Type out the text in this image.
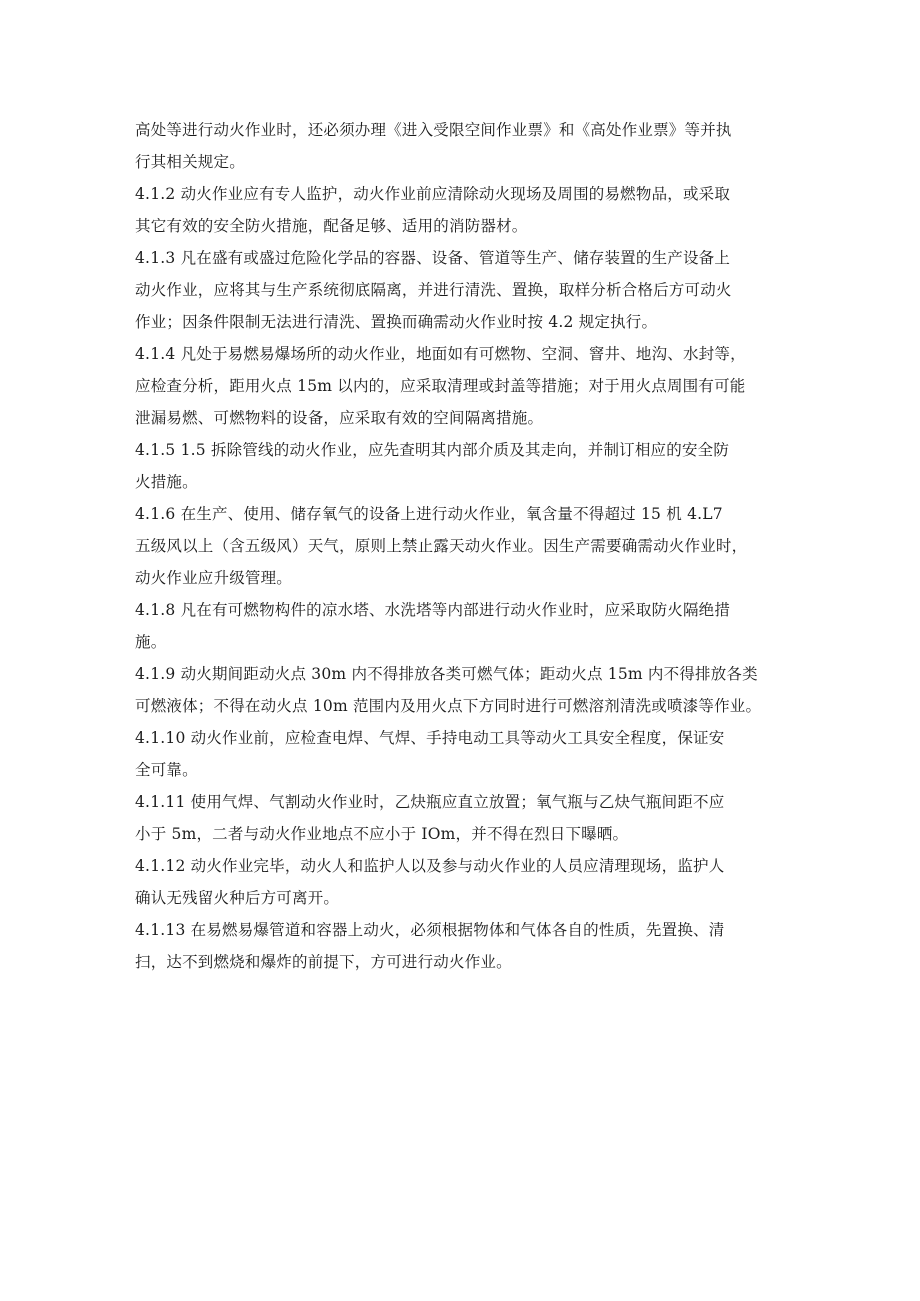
高处等进行动火作业时，还必须办理《进入受限空间作业票》和《高处作业票》等并执
行其相关规定。

4.1.2 动火作业应有专人监护，动火作业前应清除动火现场及周围的易燃物品，或采取
其它有效的安全防火措施，配备足够、适用的消防器材。

4.1.3 凡在盛有或盛过危险化学品的容器、设备、管道等生产、储存装置的生产设备上
动火作业，应将其与生产系统彻底隔离，并进行清洗、置换，取样分析合格后方可动火
作业；因条件限制无法进行清洗、置换而确需动火作业时按 4.2 规定执行。

4.1.4 凡处于易燃易爆场所的动火作业，地面如有可燃物、空洞、窨井、地沟、水封等，
应检查分析，距用火点 15m 以内的，应采取清理或封盖等措施；对于用火点周围有可能
泄漏易燃、可燃物料的设备，应采取有效的空间隔离措施。

4.1.5 1.5 拆除管线的动火作业，应先查明其内部介质及其走向，并制订相应的安全防
火措施。

4.1.6 在生产、使用、储存氧气的设备上进行动火作业，氧含量不得超过 15 机 4.L7
五级风以上（含五级风）天气，原则上禁止露天动火作业。因生产需要确需动火作业时，
动火作业应升级管理。

4.1.8 凡在有可燃物构件的凉水塔、水洗塔等内部进行动火作业时，应采取防火隔绝措
施。

4.1.9 动火期间距动火点 30m 内不得排放各类可燃气体；距动火点 15m 内不得排放各类
可燃液体；不得在动火点 10m 范围内及用火点下方同时进行可燃溶剂清洗或喷漆等作业。

4.1.10 动火作业前，应检查电焊、气焊、手持电动工具等动火工具安全程度，保证安
全可靠。

4.1.11 使用气焊、气割动火作业时，乙炔瓶应直立放置；氧气瓶与乙炔气瓶间距不应
小于 5m，二者与动火作业地点不应小于 IOm，并不得在烈日下曝晒。

4.1.12 动火作业完毕，动火人和监护人以及参与动火作业的人员应清理现场，监护人
确认无残留火种后方可离开。

4.1.13 在易燃易爆管道和容器上动火，必须根据物体和气体各自的性质，先置换、清
扫，达不到燃烧和爆炸的前提下，方可进行动火作业。
